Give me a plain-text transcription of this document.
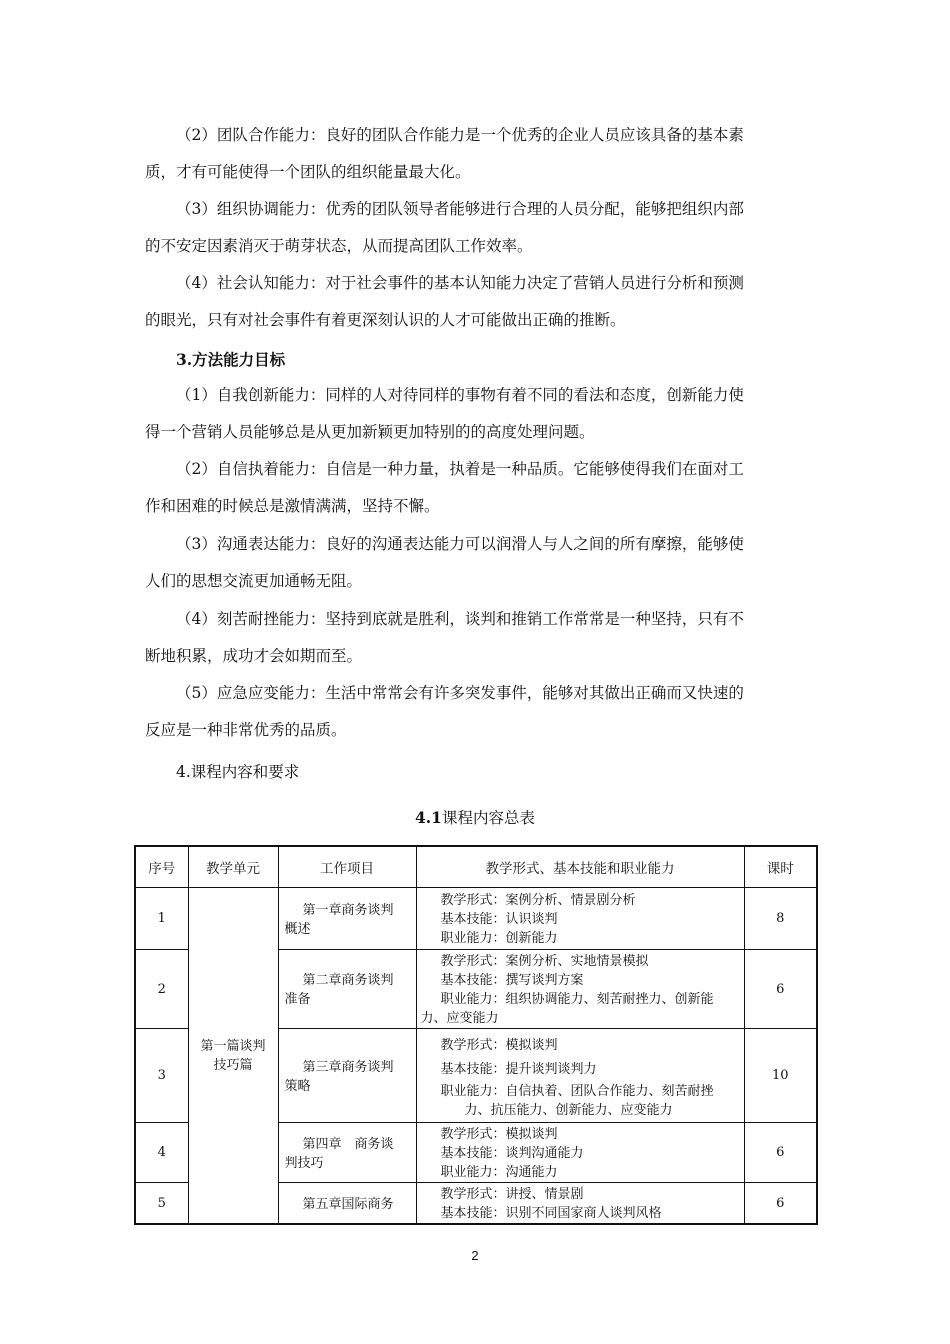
（2）团队合作能力：良好的团队合作能力是一个优秀的企业人员应该具备的基本素
质，才有可能使得一个团队的组织能量最大化。
（3）组织协调能力：优秀的团队领导者能够进行合理的人员分配，能够把组织内部
的不安定因素消灭于萌芽状态，从而提高团队工作效率。
（4）社会认知能力：对于社会事件的基本认知能力决定了营销人员进行分析和预测
的眼光，只有对社会事件有着更深刻认识的人才可能做出正确的推断。
3.方法能力目标
（1）自我创新能力：同样的人对待同样的事物有着不同的看法和态度，创新能力使
得一个营销人员能够总是从更加新颖更加特别的的高度处理问题。
（2）自信执着能力：自信是一种力量，执着是一种品质。它能够使得我们在面对工
作和困难的时候总是激情满满，坚持不懈。
（3）沟通表达能力：良好的沟通表达能力可以润滑人与人之间的所有摩擦，能够使
人们的思想交流更加通畅无阻。
（4）刻苦耐挫能力：坚持到底就是胜利，谈判和推销工作常常是一种坚持，只有不
断地积累，成功才会如期而至。
（5）应急应变能力：生活中常常会有许多突发事件，能够对其做出正确而又快速的
反应是一种非常优秀的品质。
4.课程内容和要求
4.1课程内容总表
序号	教学单元	工作项目	教学形式、基本技能和职业能力	课时
1	第一篇谈判技巧篇	第一章商务谈判
概述	教学形式：案例分析、情景剧分析
基本技能：认识谈判
职业能力：创新能力	8
2		第二章商务谈判
准备	教学形式：案例分析、实地情景模拟
基本技能：撰写谈判方案
职业能力：组织协调能力、刻苦耐挫力、创新能
力、应变能力	6
3		第三章商务谈判
策略	教学形式：模拟谈判
基本技能：提升谈判谈判力
职业能力：自信执着、团队合作能力、刻苦耐挫
力、抗压能力、创新能力、应变能力	10
4		第四章　商务谈
判技巧	教学形式：模拟谈判
基本技能：谈判沟通能力
职业能力：沟通能力	6
5		第五章国际商务	教学形式：讲授、情景剧
基本技能：识别不同国家商人谈判风格	6
2
